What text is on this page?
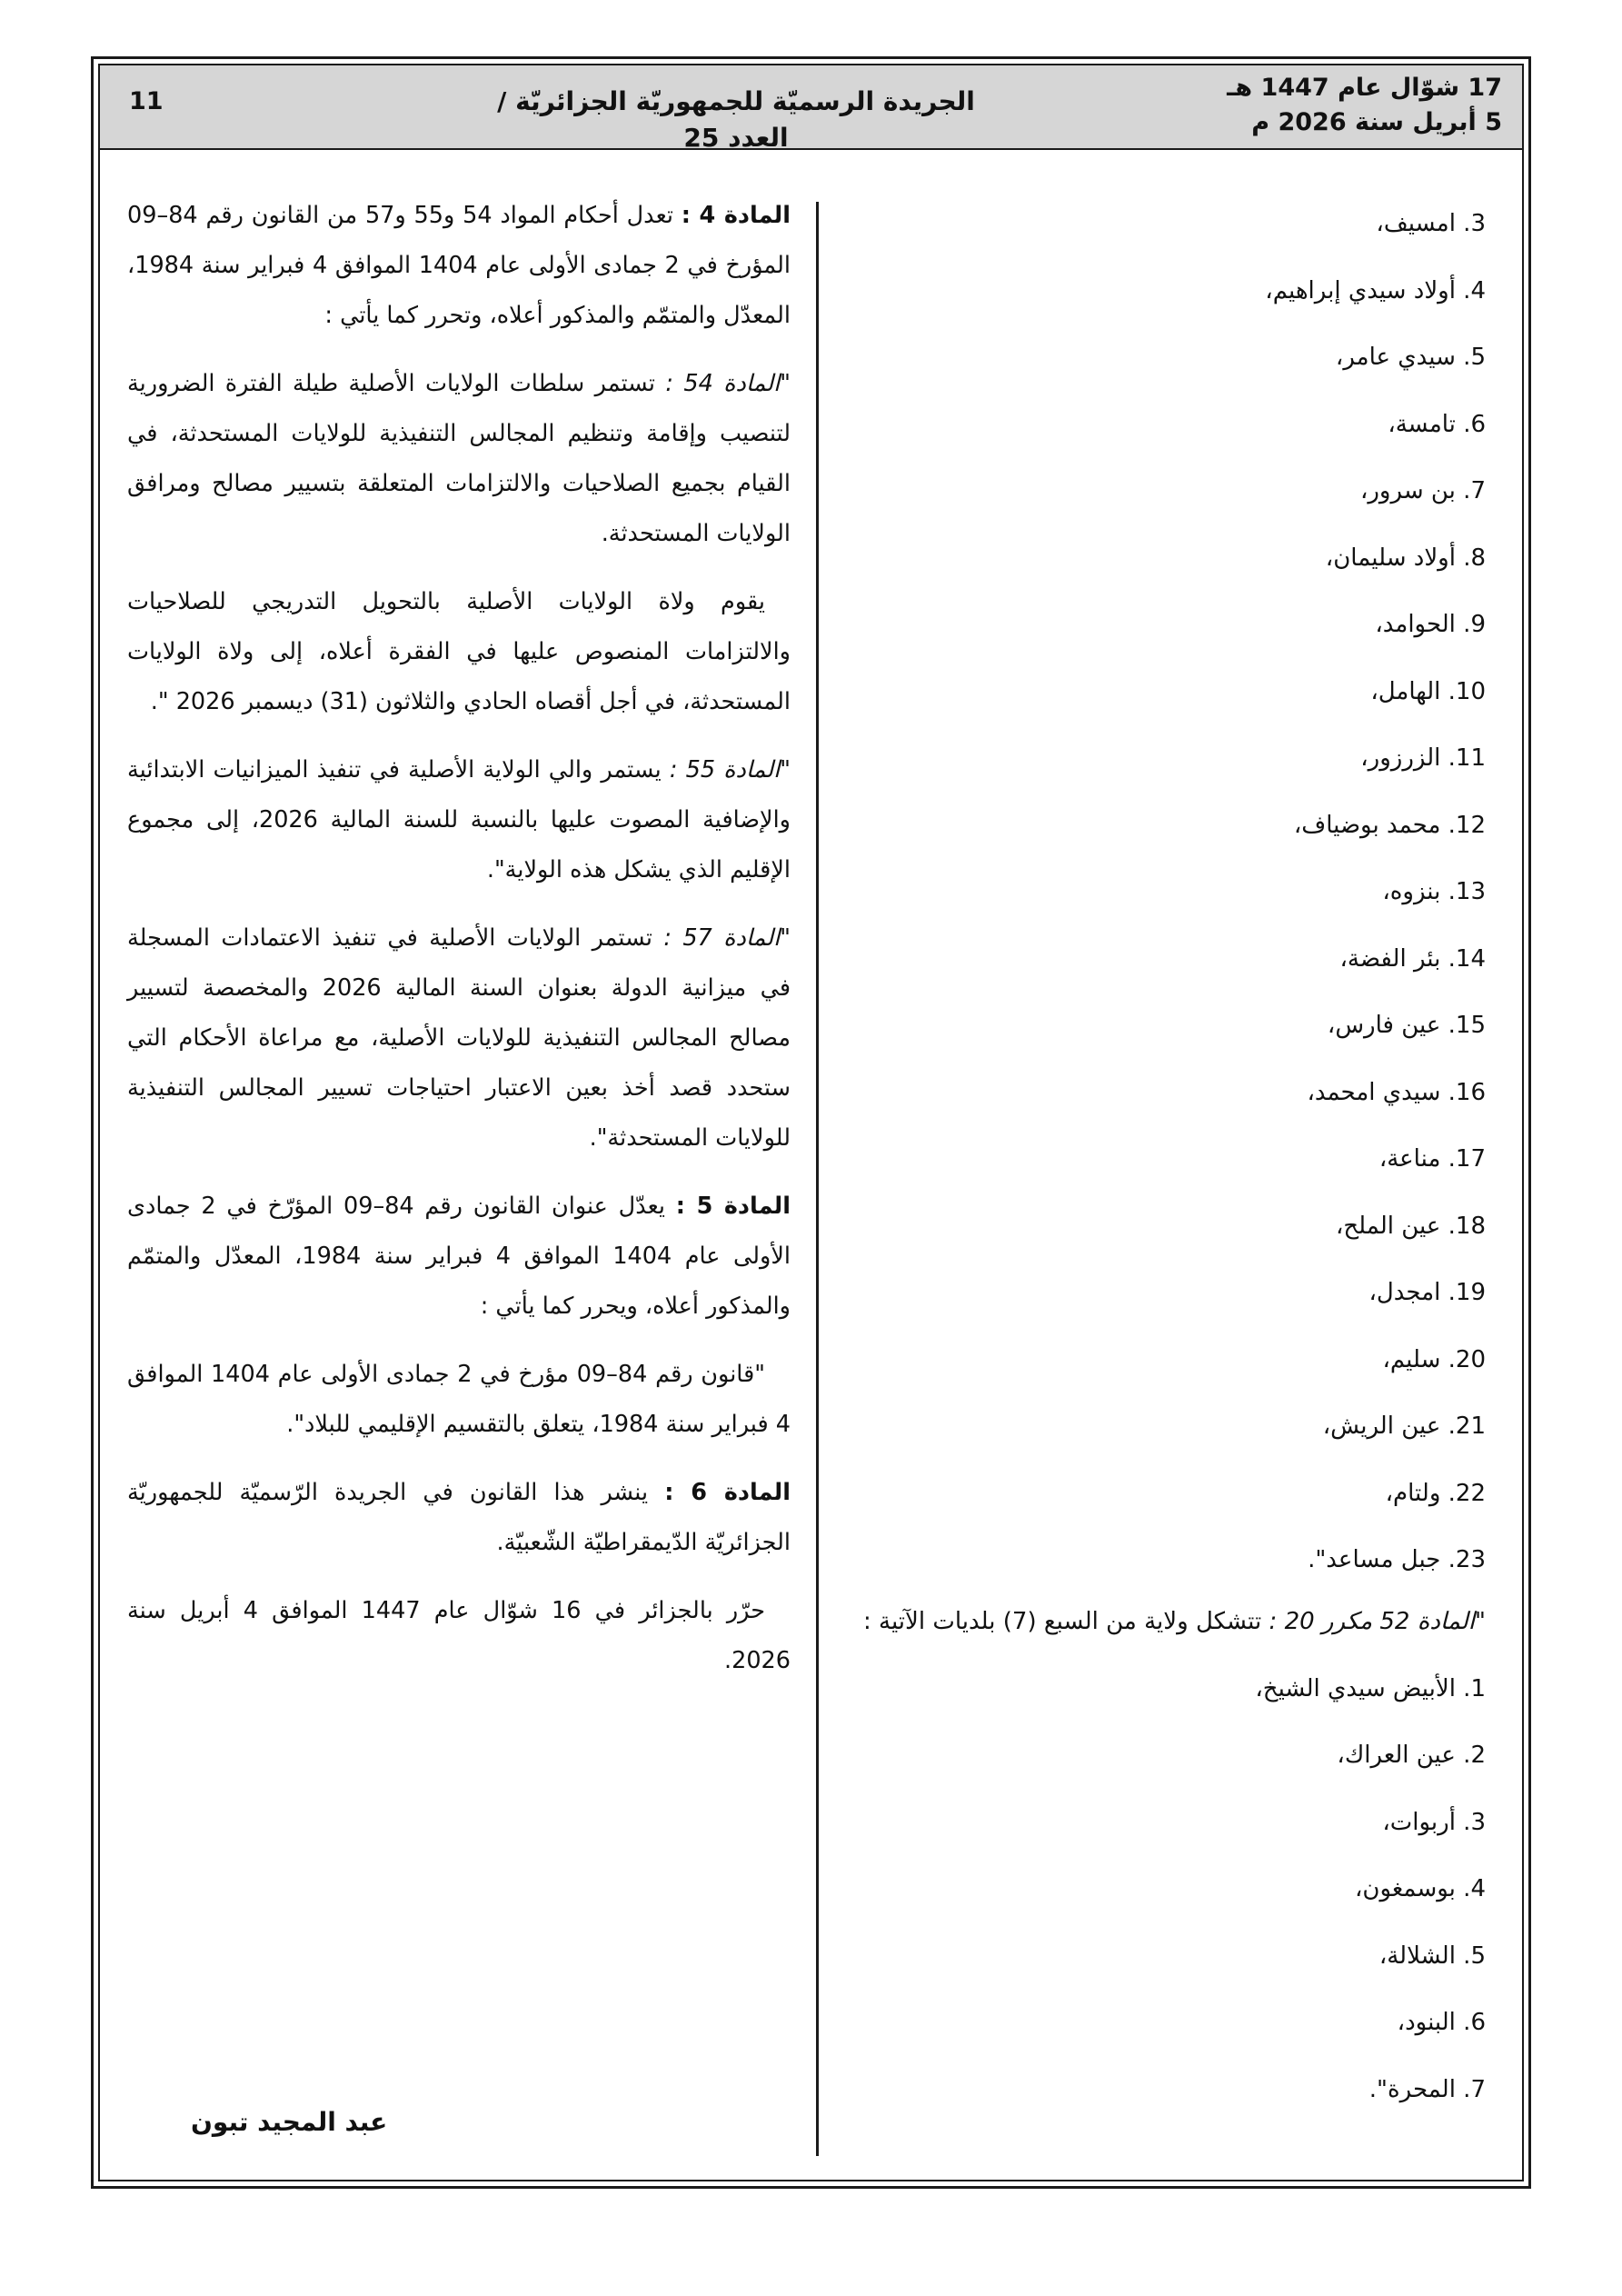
17 شوّال عام 1447 هـ
5 أبريل سنة 2026 م
الجريدة الرسميّة للجمهوريّة الجزائريّة / العدد 25
11
3. امسيف،
4. أولاد سيدي إبراهيم،
5. سيدي عامر،
6. تامسة،
7. بن سرور،
8. أولاد سليمان،
9. الحوامد،
10. الهامل،
11. الزرزور،
12. محمد بوضياف،
13. بنزوه،
14. بئر الفضة،
15. عين فارس،
16. سيدي امحمد،
17. مناعة،
18. عين الملح،
19. امجدل،
20. سليم،
21. عين الريش،
22. ولتام،
23. جبل مساعد".
"المادة 52 مكرر 20 : تتشكل ولاية من السبع (7) بلديات الآتية :
1. الأبيض سيدي الشيخ،
2. عين العراك،
3. أربوات،
4. بوسمغون،
5. الشلالة،
6. البنود،
7. المحرة".

المادة 4 : تعدل أحكام المواد 54 و55 و57 من القانون رقم 84–09 المؤرخ في 2 جمادى الأولى عام 1404 الموافق 4 فبراير سنة 1984، المعدّل والمتمّم والمذكور أعلاه، وتحرر كما يأتي :

"المادة 54 : تستمر سلطات الولايات الأصلية طيلة الفترة الضرورية لتنصيب وإقامة وتنظيم المجالس التنفيذية للولايات المستحدثة، في القيام بجميع الصلاحيات والالتزامات المتعلقة بتسيير مصالح ومرافق الولايات المستحدثة.

يقوم ولاة الولايات الأصلية بالتحويل التدريجي للصلاحيات والالتزامات المنصوص عليها في الفقرة أعلاه، إلى ولاة الولايات المستحدثة، في أجل أقصاه الحادي والثلاثون (31) ديسمبر 2026 ".

"المادة 55 : يستمر والي الولاية الأصلية في تنفيذ الميزانيات الابتدائية والإضافية المصوت عليها بالنسبة للسنة المالية 2026، إلى مجموع الإقليم الذي يشكل هذه الولاية".

"المادة 57 : تستمر الولايات الأصلية في تنفيذ الاعتمادات المسجلة في ميزانية الدولة بعنوان السنة المالية 2026 والمخصصة لتسيير مصالح المجالس التنفيذية للولايات الأصلية، مع مراعاة الأحكام التي ستحدد قصد أخذ بعين الاعتبار احتياجات تسيير المجالس التنفيذية للولايات المستحدثة".

المادة 5 : يعدّل عنوان القانون رقم 84–09 المؤرّخ في 2 جمادى الأولى عام 1404 الموافق 4 فبراير سنة 1984، المعدّل والمتمّم والمذكور أعلاه، ويحرر كما يأتي :

"قانون رقم 84–09 مؤرخ في 2 جمادى الأولى عام 1404 الموافق 4 فبراير سنة 1984، يتعلق بالتقسيم الإقليمي للبلاد".

المادة 6 : ينشر هذا القانون في الجريدة الرّسميّة للجمهوريّة الجزائريّة الدّيمقراطيّة الشّعبيّة.

حرّر بالجزائر في 16 شوّال عام 1447 الموافق 4 أبريل سنة 2026.

عبد المجيد تبون
